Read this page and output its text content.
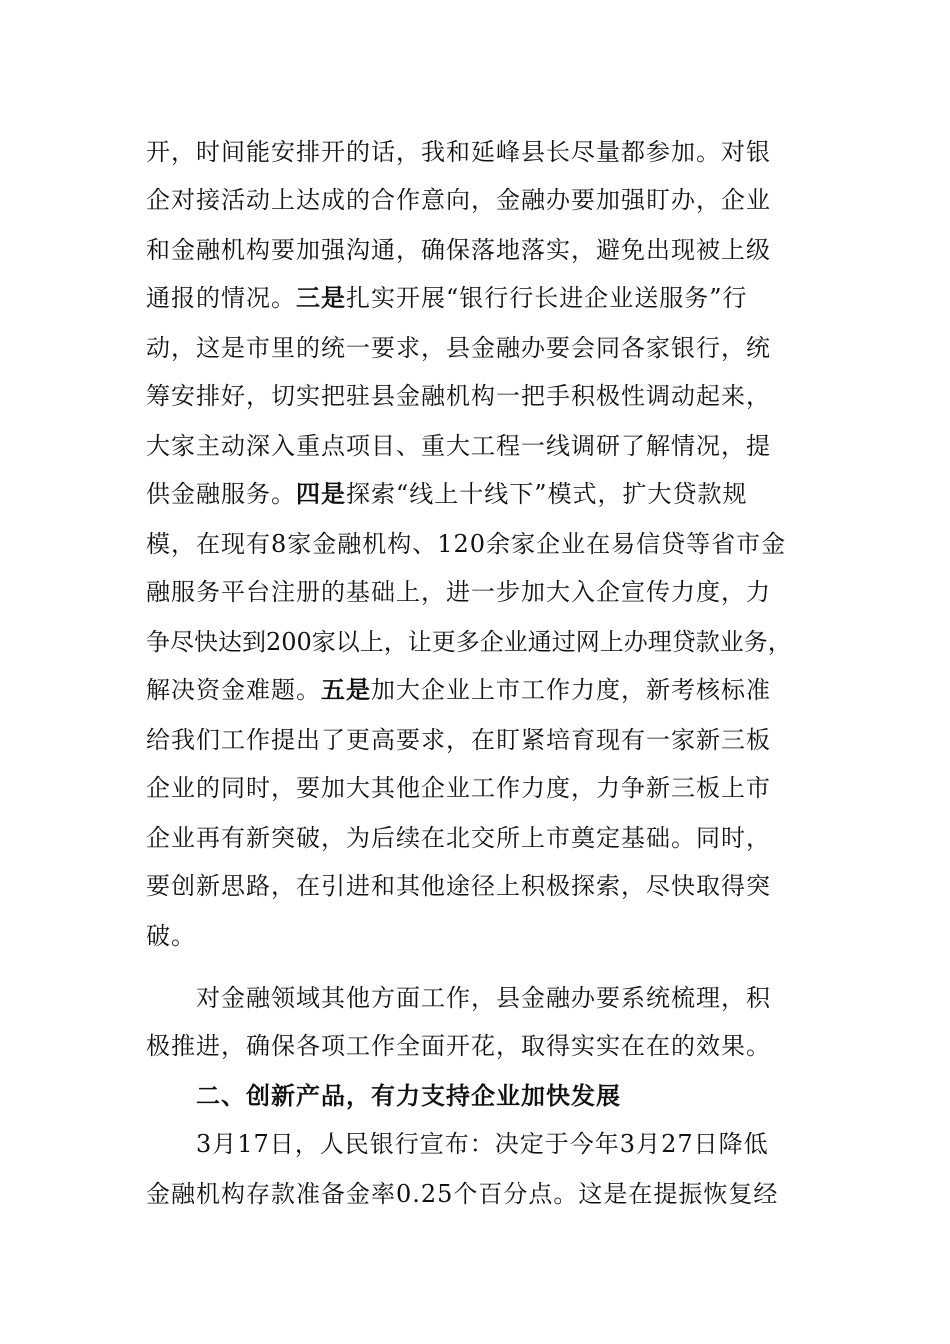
开，时间能安排开的话，我和延峰县长尽量都参加。对银
企对接活动上达成的合作意向，金融办要加强盯办，企业
和金融机构要加强沟通，确保落地落实，避免出现被上级
通报的情况。三是扎实开展“银行行长进企业送服务”行
动，这是市里的统一要求，县金融办要会同各家银行，统
筹安排好，切实把驻县金融机构一把手积极性调动起来，
大家主动深入重点项目、重大工程一线调研了解情况，提
供金融服务。四是探索“线上十线下”模式，扩大贷款规
模，在现有8家金融机构、120余家企业在易信贷等省市金
融服务平台注册的基础上，进一步加大入企宣传力度，力
争尽快达到200家以上，让更多企业通过网上办理贷款业务，
解决资金难题。五是加大企业上市工作力度，新考核标准
给我们工作提出了更高要求，在盯紧培育现有一家新三板
企业的同时，要加大其他企业工作力度，力争新三板上市
企业再有新突破，为后续在北交所上市奠定基础。同时，
要创新思路，在引进和其他途径上积极探索，尽快取得突
破。
对金融领域其他方面工作，县金融办要系统梳理，积
极推进，确保各项工作全面开花，取得实实在在的效果。
二、创新产品，有力支持企业加快发展
3月17日，人民银行宣布：决定于今年3月27日降低
金融机构存款准备金率0.25个百分点。这是在提振恢复经
